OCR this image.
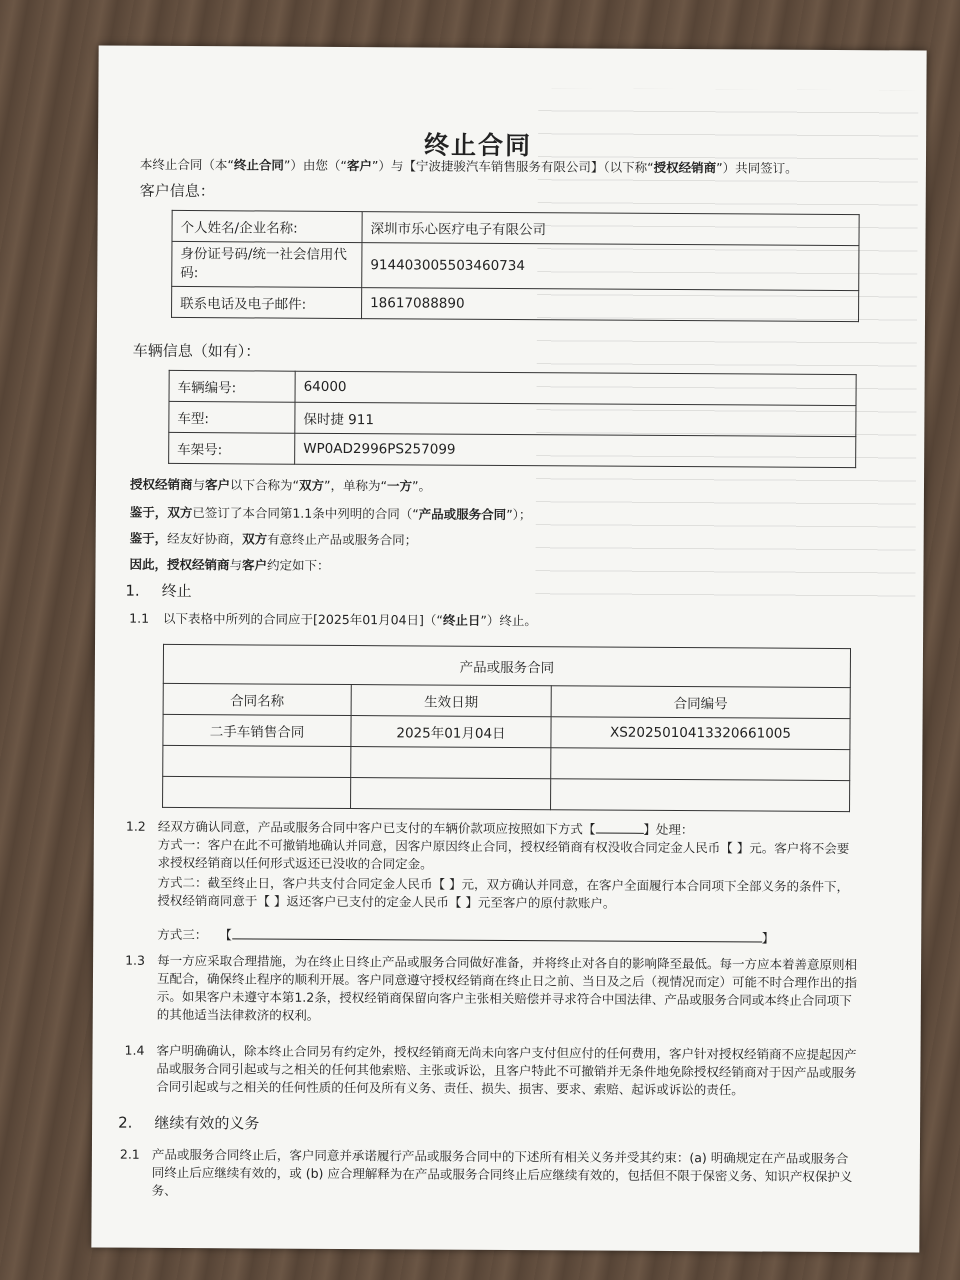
终止合同
本终止合同（本“终止合同”）由您（“客户”）与【宁波捷骏汽车销售服务有限公司】（以下称“授权经销商”）共同签订。
客户信息：
个人姓名/企业名称:	深圳市乐心医疗电子有限公司
身份证号码/统一社会信用代码:	914403005503460734
联系电话及电子邮件:	18617088890
车辆信息（如有）：
车辆编号:	64000
车型:	保时捷 911
车架号:	WP0AD2996PS257099
授权经销商与客户以下合称为“双方”，单称为“一方”。
鉴于，双方已签订了本合同第1.1条中列明的合同（“产品或服务合同”）；
鉴于，经友好协商，双方有意终止产品或服务合同；
因此，授权经销商与客户约定如下：
1. 终止
1.1 以下表格中所列的合同应于[2025年01月04日]（“终止日”）终止。
产品或服务合同		
合同名称	生效日期	合同编号
二手车销售合同	2025年01月04日	XS2025010413320661005

1.2 经双方确认同意，产品或服务合同中客户已支付的车辆价款项应按照如下方式【	】处理：
方式一：客户在此不可撤销地确认并同意，因客户原因终止合同，授权经销商有权没收合同定金人民币【 】元。客户将不会要求授权经销商以任何形式返还已没收的合同定金。
方式二：截至终止日，客户共支付合同定金人民币【 】元，双方确认并同意，在客户全面履行本合同项下全部义务的条件下，授权经销商同意于【 】返还客户已支付的定金人民币【 】元至客户的原付款账户。
方式三： 【	】
1.3 每一方应采取合理措施，为在终止日终止产品或服务合同做好准备，并将终止对各自的影响降至最低。每一方应本着善意原则相互配合，确保终止程序的顺利开展。客户同意遵守授权经销商在终止日之前、当日及之后（视情况而定）可能不时合理作出的指示。如果客户未遵守本第1.2条，授权经销商保留向客户主张相关赔偿并寻求符合中国法律、产品或服务合同或本终止合同项下的其他适当法律救济的权利。
1.4 客户明确确认，除本终止合同另有约定外，授权经销商无尚未向客户支付但应付的任何费用，客户针对授权经销商不应提起因产品或服务合同引起或与之相关的任何其他索赔、主张或诉讼，且客户特此不可撤销并无条件地免除授权经销商对于因产品或服务合同引起或与之相关的任何性质的任何及所有义务、责任、损失、损害、要求、索赔、起诉或诉讼的责任。
2. 继续有效的义务
2.1 产品或服务合同终止后，客户同意并承诺履行产品或服务合同中的下述所有相关义务并受其约束：(a) 明确规定在产品或服务合同终止后应继续有效的，或 (b) 应合理解释为在产品或服务合同终止后应继续有效的，包括但不限于保密义务、知识产权保护义务、
